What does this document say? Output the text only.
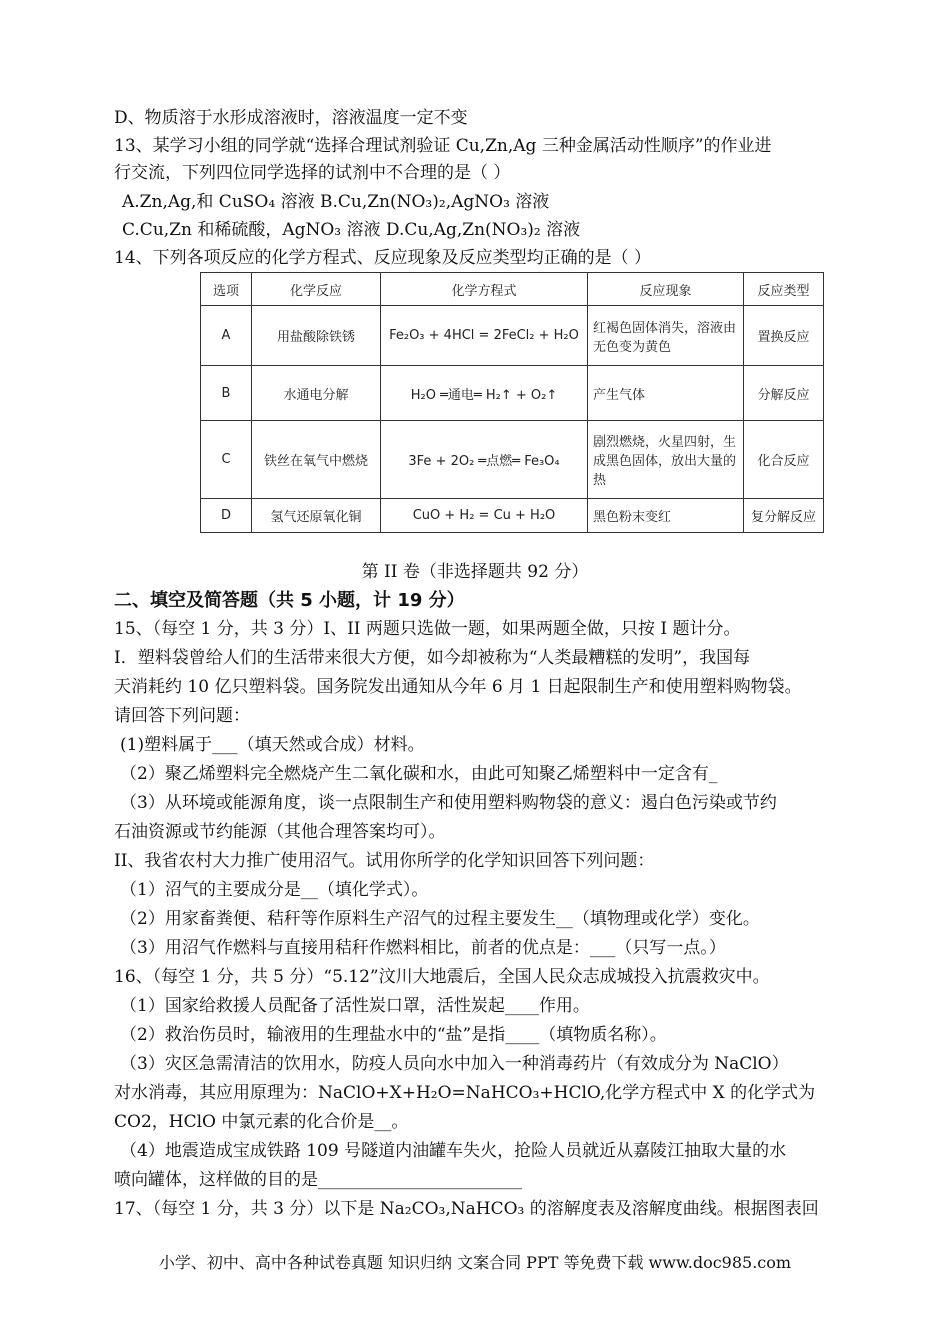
D、物质溶于水形成溶液时，溶液温度一定不变
13、某学习小组的同学就“选择合理试剂验证 Cu,Zn,Ag 三种金属活动性顺序”的作业进
行交流，下列四位同学选择的试剂中不合理的是（ ）
A.Zn,Ag,和 CuSO₄ 溶液 B.Cu,Zn(NO₃)₂,AgNO₃ 溶液
C.Cu,Zn 和稀硫酸，AgNO₃ 溶液 D.Cu,Ag,Zn(NO₃)₂ 溶液
14、下列各项反应的化学方程式、反应现象及反应类型均正确的是（ ）
选项	化学反应	化学方程式	反应现象	反应类型
A	用盐酸除铁锈	Fe₂O₃ + 4HCl = 2FeCl₂ + H₂O	红褐色固体消失，溶液由无色变为黄色	置换反应
B	水通电分解	H₂O ═通电═ H₂↑ + O₂↑	产生气体	分解反应
C	铁丝在氧气中燃烧	3Fe + 2O₂ ═点燃═ Fe₃O₄	剧烈燃烧，火星四射，生成黑色固体，放出大量的热	化合反应
D	氢气还原氧化铜	CuO + H₂ = Cu + H₂O	黑色粉末变红	复分解反应
第 II 卷（非选择题共 92 分）
二、填空及简答题（共 5 小题，计 19 分）
15、（每空 1 分，共 3 分）I、II 两题只选做一题，如果两题全做，只按 I 题计分。
I．塑料袋曾给人们的生活带来很大方便，如今却被称为“人类最糟糕的发明”，我国每
天消耗约 10 亿只塑料袋。国务院发出通知从今年 6 月 1 日起限制生产和使用塑料购物袋。
请回答下列问题：
(1)塑料属于___（填天然或合成）材料。
（2）聚乙烯塑料完全燃烧产生二氧化碳和水，由此可知聚乙烯塑料中一定含有_
（3）从环境或能源角度，谈一点限制生产和使用塑料购物袋的意义：遏白色污染或节约
石油资源或节约能源（其他合理答案均可）。
II、我省农村大力推广使用沼气。试用你所学的化学知识回答下列问题：
（1）沼气的主要成分是__（填化学式）。
（2）用家畜粪便、秸秆等作原料生产沼气的过程主要发生__（填物理或化学）变化。
（3）用沼气作燃料与直接用秸秆作燃料相比，前者的优点是：___（只写一点。）
16、（每空 1 分，共 5 分）“5.12”汶川大地震后，全国人民众志成城投入抗震救灾中。
（1）国家给救援人员配备了活性炭口罩，活性炭起____作用。
（2）救治伤员时，输液用的生理盐水中的“盐”是指____（填物质名称）。
（3）灾区急需清洁的饮用水，防疫人员向水中加入一种消毒药片（有效成分为 NaClO）
对水消毒，其应用原理为：NaClO+X+H₂O=NaHCO₃+HClO,化学方程式中 X 的化学式为
CO2，HClO 中氯元素的化合价是__。
（4）地震造成宝成铁路 109 号隧道内油罐车失火，抢险人员就近从嘉陵江抽取大量的水
喷向罐体，这样做的目的是________________________
17、（每空 1 分，共 3 分）以下是 Na₂CO₃,NaHCO₃ 的溶解度表及溶解度曲线。根据图表回
小学、初中、高中各种试卷真题 知识归纳 文案合同 PPT 等免费下载 www.doc985.com
